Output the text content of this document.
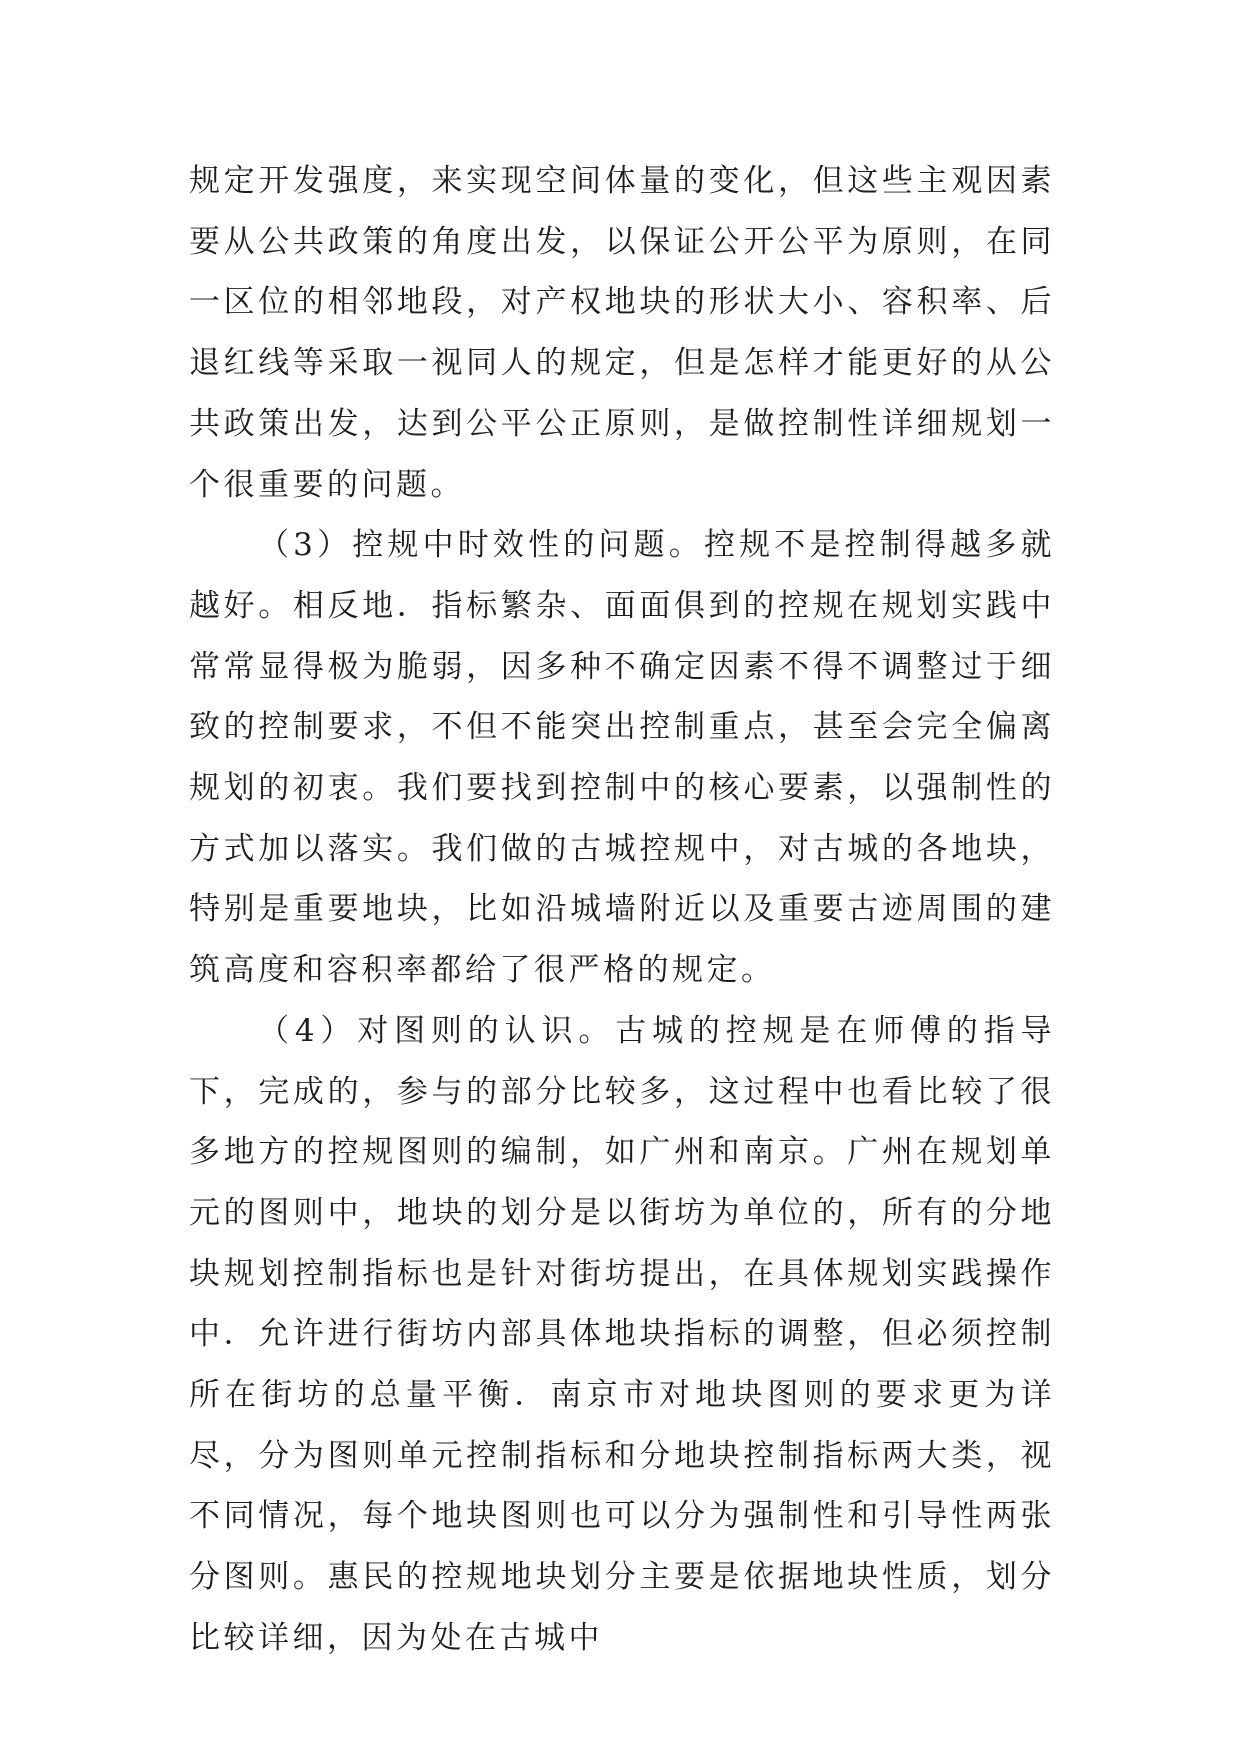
规定开发强度，来实现空间体量的变化，但这些主观因素要从公共政策的角度出发，以保证公开公平为原则，在同一区位的相邻地段，对产权地块的形状大小、容积率、后退红线等采取一视同人的规定，但是怎样才能更好的从公共政策出发，达到公平公正原则，是做控制性详细规划一个很重要的问题。

（3）控规中时效性的问题。控规不是控制得越多就越好。相反地．指标繁杂、面面俱到的控规在规划实践中常常显得极为脆弱，因多种不确定因素不得不调整过于细致的控制要求，不但不能突出控制重点，甚至会完全偏离规划的初衷。我们要找到控制中的核心要素，以强制性的方式加以落实。我们做的古城控规中，对古城的各地块，特别是重要地块，比如沿城墙附近以及重要古迹周围的建筑高度和容积率都给了很严格的规定。

（4）对图则的认识。古城的控规是在师傅的指导下，完成的，参与的部分比较多，这过程中也看比较了很多地方的控规图则的编制，如广州和南京。广州在规划单元的图则中，地块的划分是以街坊为单位的，所有的分地块规划控制指标也是针对街坊提出，在具体规划实践操作中．允许进行街坊内部具体地块指标的调整，但必须控制所在街坊的总量平衡．南京市对地块图则的要求更为详尽，分为图则单元控制指标和分地块控制指标两大类，视不同情况，每个地块图则也可以分为强制性和引导性两张分图则。惠民的控规地块划分主要是依据地块性质，划分比较详细，因为处在古城中
